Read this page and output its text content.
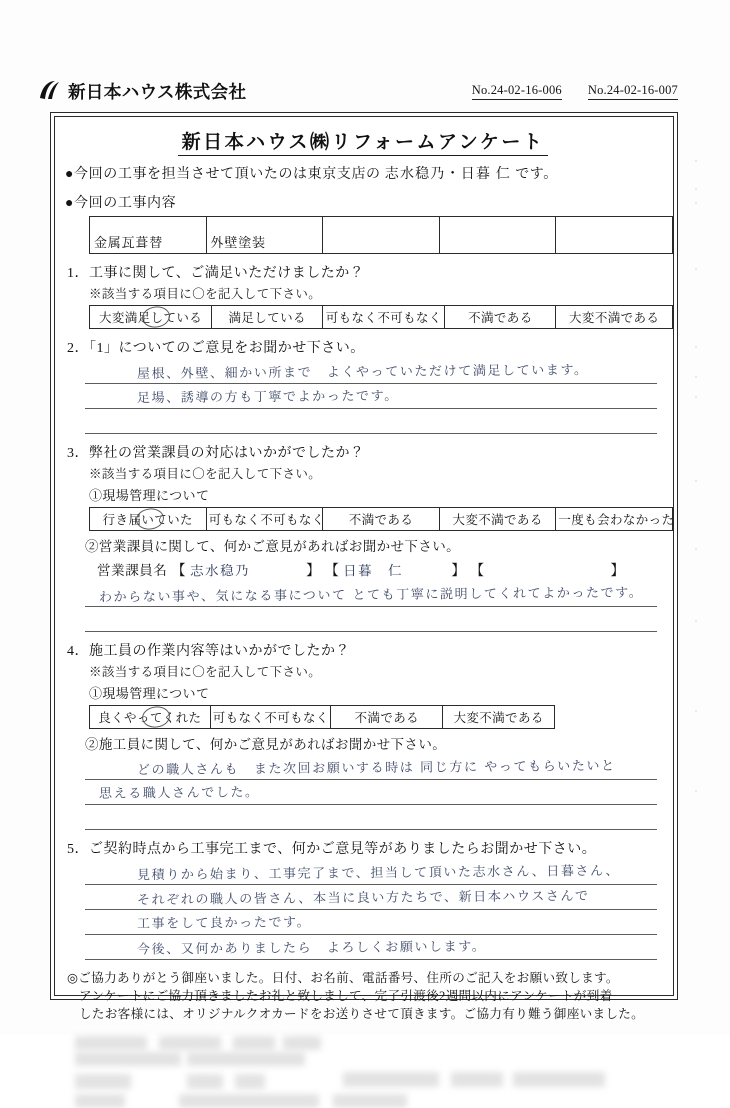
新日本ハウス株式会社	No.24-02-16-006 No.24-02-16-007
新日本ハウス㈱リフォームアンケート
●今回の工事を担当させて頂いたのは東京支店の 志水稳乃・日暮 仁 です。
●今回の工事内容
金属瓦葺替	外壁塗装			
1．工事に関して、ご満足いただけましたか？
※該当する項目に〇を記入して下さい。
大変満足している	満足している	可もなく不可もなく	不満である	大変不満である
2．「1」についてのご意見をお聞かせ下さい。
屋根、外壁、細かい所まで　よくやっていただけて満足しています。
足場、誘導の方も丁寧でよかったです。
3．弊社の営業課員の対応はいかがでしたか？
※該当する項目に〇を記入して下さい。
①現場管理について
行き届いていた	可もなく不可もなく	不満である	大変不満である	一度も会わなかった
②営業課員に関して、何かご意見があればお聞かせ下さい。
営業課員名 【 志水稳乃	】 【 日暮　仁	】 【	】
わからない事や、気になる事について とても丁寧に説明してくれてよかったです。
4．施工員の作業内容等はいかがでしたか？
※該当する項目に〇を記入して下さい。
①現場管理について
良くやってくれた	可もなく不可もなく	不満である	大変不満である
②施工員に関して、何かご意見があればお聞かせ下さい。
どの職人さんも　また次回お願いする時は 同じ方に やってもらいたいと
思える職人さんでした。
5．ご契約時点から工事完工まで、何かご意見等がありましたらお聞かせ下さい。
見積りから始まり、工事完了まで、担当して頂いた志水さん、日暮さん、
それぞれの職人の皆さん、本当に良い方たちで、新日本ハウスさんで
工事をして良かったです。
今後、又何かありましたら　よろしくお願いします。
◎ご協力ありがとう御座いました。日付、お名前、電話番号、住所のご記入をお願い致します。
アンケートにご協力頂きましたお礼と致しまして、完了引渡後2週間以内にアンケートが到着
したお客様には、オリジナルクオカードをお送りさせて頂きます。ご協力有り難う御座いました。
